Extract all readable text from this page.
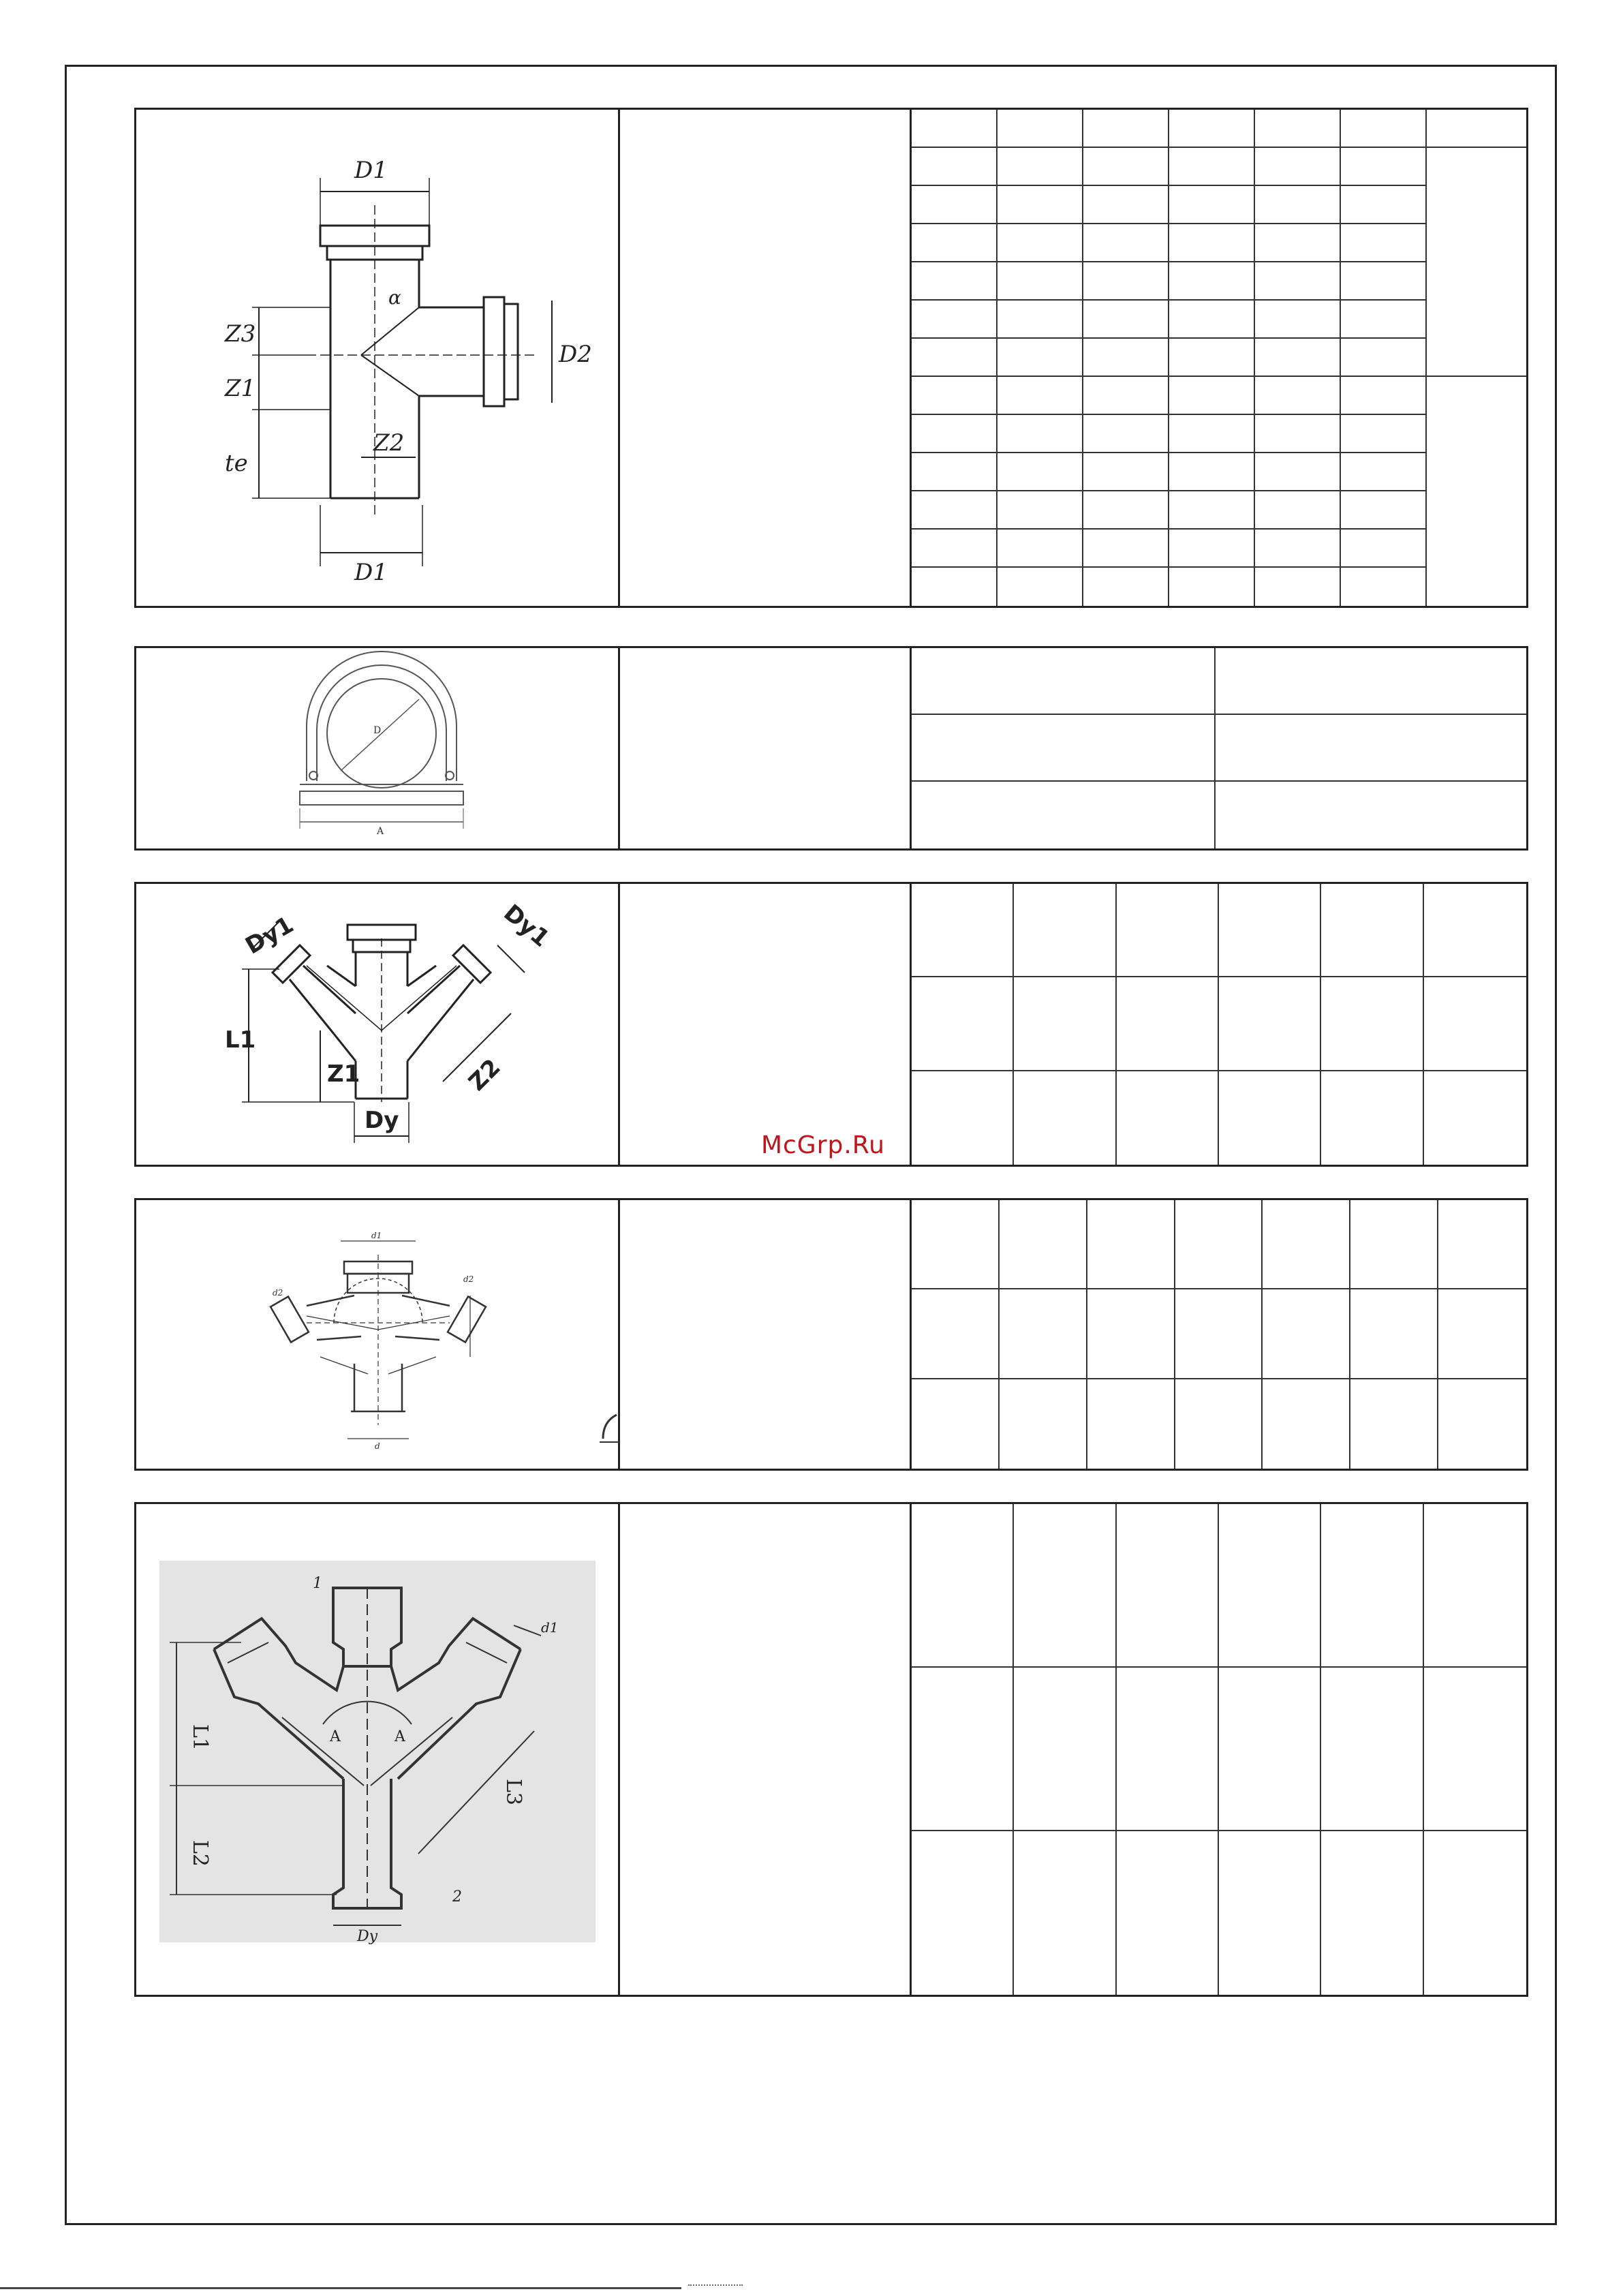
D1
D1
D2
Z3
Z1
te
Z2
α
D
A
Dy1	Dy1
L1
Z1	Z2
Dy
McGrp.Ru
d1
d2
d2
d
L1
L2
L3
Dy
d1
A	A
1
2
